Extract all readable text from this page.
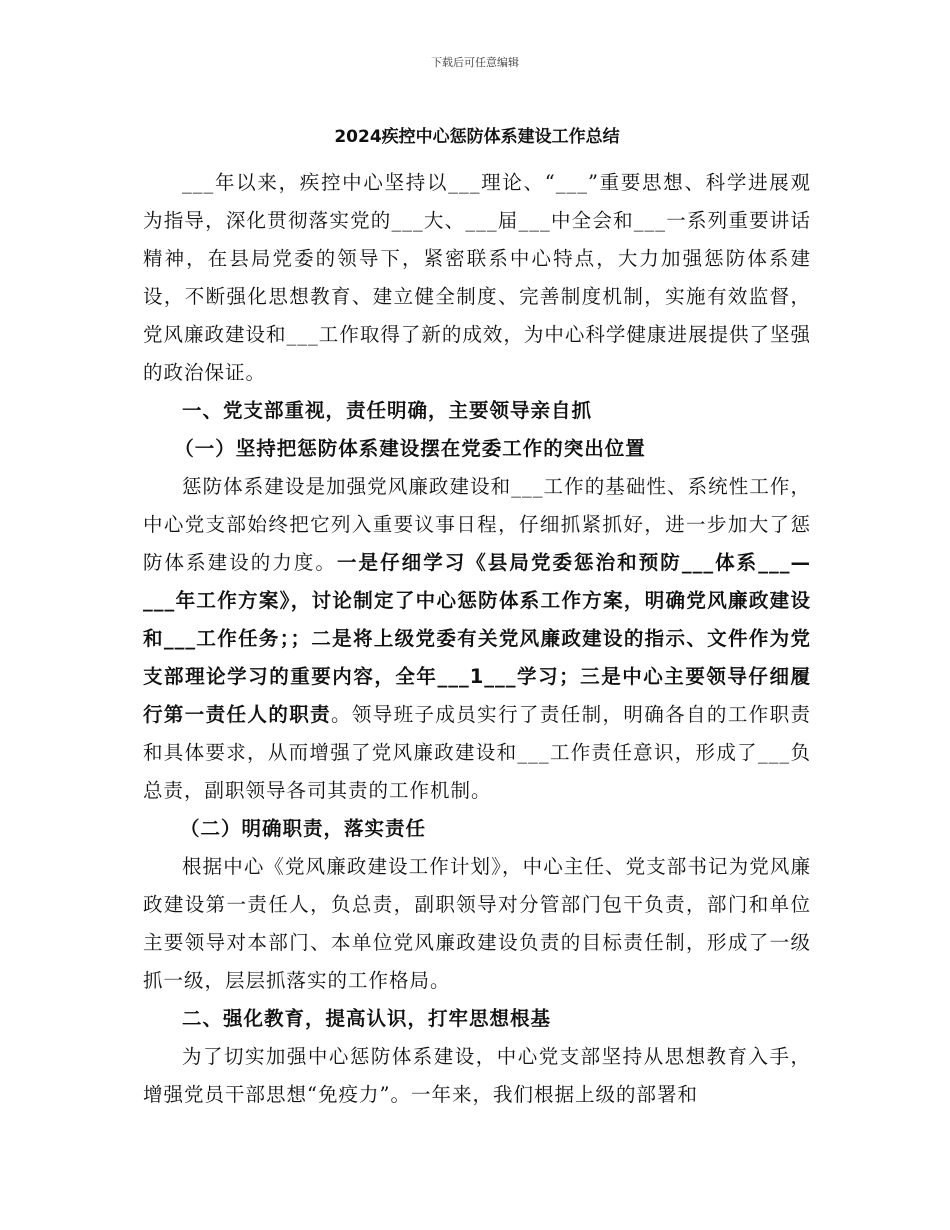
下载后可任意编辑
2024疾控中心惩防体系建设工作总结

___年以来，疾控中心坚持以___理论、“___”重要思想、科学进展观为指导，深化贯彻落实党的___大、___届___中全会和___一系列重要讲话精神，在县局党委的领导下，紧密联系中心特点，大力加强惩防体系建设，不断强化思想教育、建立健全制度、完善制度机制，实施有效监督，党风廉政建设和___工作取得了新的成效，为中心科学健康进展提供了坚强的政治保证。

一、党支部重视，责任明确，主要领导亲自抓

（一）坚持把惩防体系建设摆在党委工作的突出位置

惩防体系建设是加强党风廉政建设和___工作的基础性、系统性工作，中心党支部始终把它列入重要议事日程，仔细抓紧抓好，进一步加大了惩防体系建设的力度。一是仔细学习《县局党委惩治和预防___体系___—___年工作方案》，讨论制定了中心惩防体系工作方案，明确党风廉政建设和___工作任务；；二是将上级党委有关党风廉政建设的指示、文件作为党支部理论学习的重要内容，全年___1___学习；三是中心主要领导仔细履行第一责任人的职责。领导班子成员实行了责任制，明确各自的工作职责和具体要求，从而增强了党风廉政建设和___工作责任意识，形成了___负总责，副职领导各司其责的工作机制。

（二）明确职责，落实责任

根据中心《党风廉政建设工作计划》，中心主任、党支部书记为党风廉政建设第一责任人，负总责，副职领导对分管部门包干负责，部门和单位主要领导对本部门、本单位党风廉政建设负责的目标责任制，形成了一级抓一级，层层抓落实的工作格局。

二、强化教育，提高认识，打牢思想根基

为了切实加强中心惩防体系建设，中心党支部坚持从思想教育入手，增强党员干部思想“免疫力”。一年来，我们根据上级的部署和
